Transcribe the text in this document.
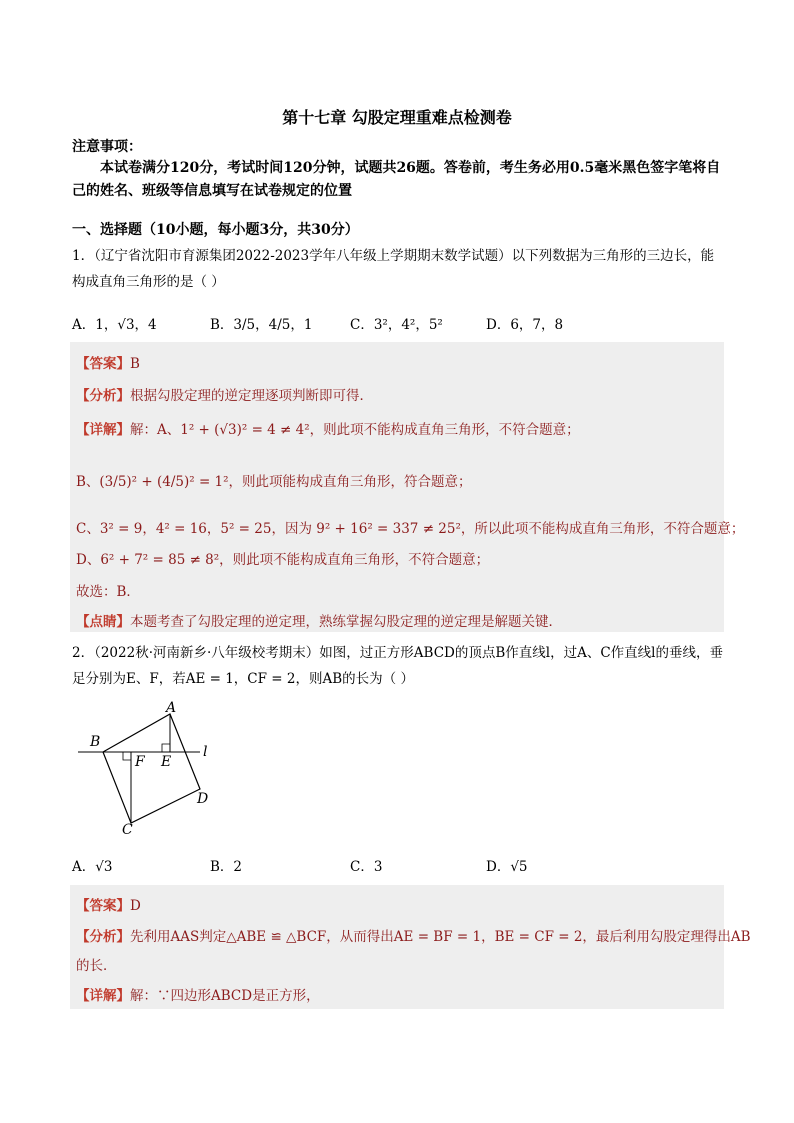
第十七章 勾股定理重难点检测卷
注意事项：
本试卷满分120分，考试时间120分钟，试题共26题。答卷前，考生务必用0.5毫米黑色签字笔将自己的姓名、班级等信息填写在试卷规定的位置
一、选择题（10小题，每小题3分，共30分）
1．（辽宁省沈阳市育源集团2022-2023学年八年级上学期期末数学试题）以下列数据为三角形的三边长，能构成直角三角形的是（ ）
A．1，√3，4	B．3/5，4/5，1	C．3²，4²，5²	D．6，7，8
【答案】B
【分析】根据勾股定理的逆定理逐项判断即可得．
【详解】解：A、1² + (√3)² = 4 ≠ 4²，则此项不能构成直角三角形，不符合题意；
B、(3/5)² + (4/5)² = 1²，则此项能构成直角三角形，符合题意；
C、3² = 9，4² = 16，5² = 25，因为 9² + 16² = 337 ≠ 25²，所以此项不能构成直角三角形，不符合题意；
D、6² + 7² = 85 ≠ 8²，则此项不能构成直角三角形，不符合题意；
故选：B．
【点睛】本题考查了勾股定理的逆定理，熟练掌握勾股定理的逆定理是解题关键．
2．（2022秋·河南新乡·八年级校考期末）如图，过正方形ABCD的顶点B作直线l，过A、C作直线l的垂线，垂足分别为E、F，若AE = 1，CF = 2，则AB的长为（ ）
A
B
C
D
E
F
l
A．√3	B．2	C．3	D．√5
【答案】D
【分析】先利用AAS判定△ABE ≌ △BCF，从而得出AE = BF = 1，BE = CF = 2，最后利用勾股定理得出AB
的长．
【详解】解：∵四边形ABCD是正方形，
